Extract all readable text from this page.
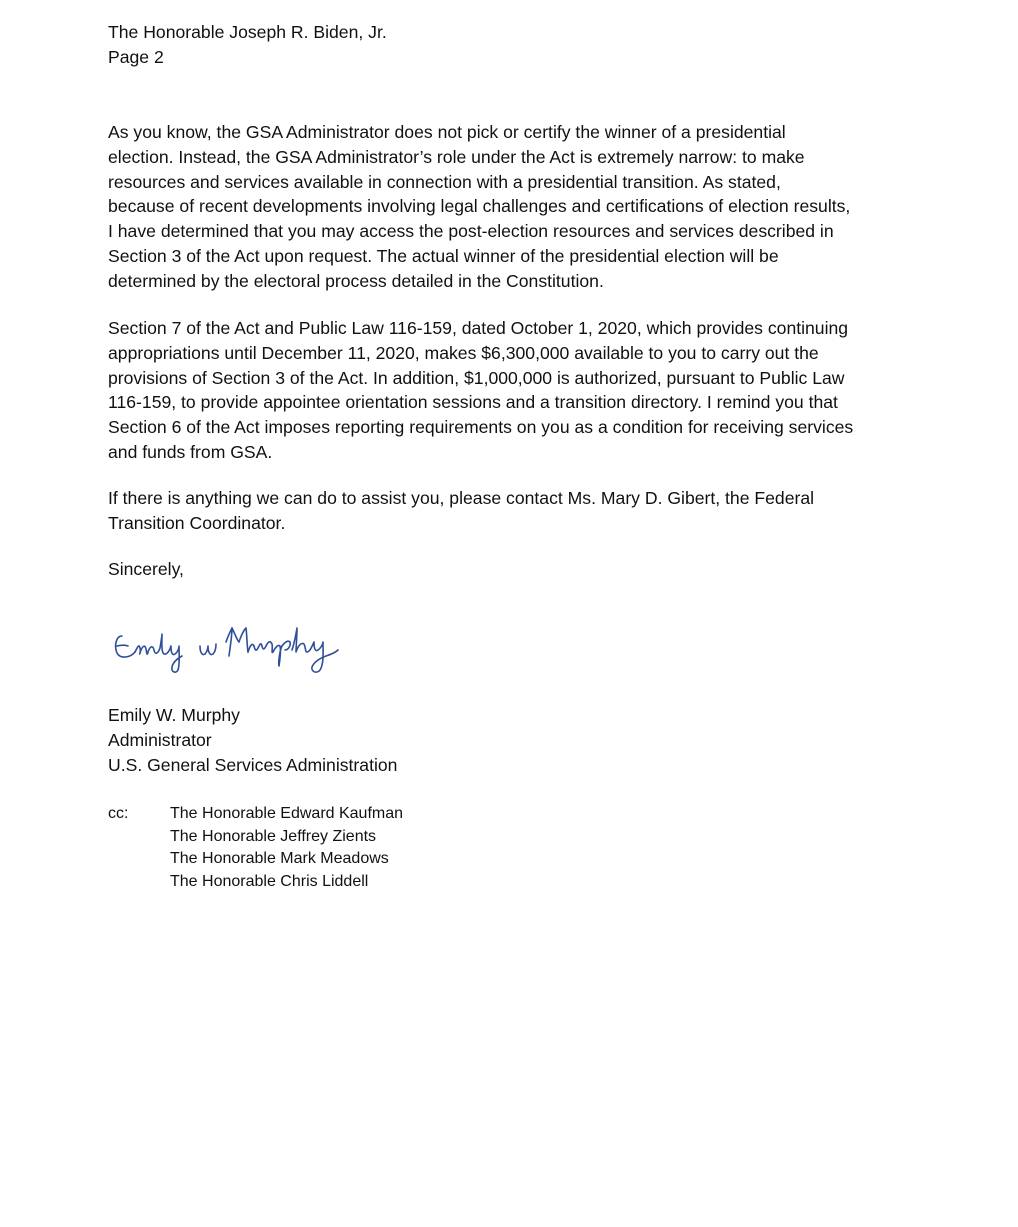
The Honorable Joseph R. Biden, Jr.

Page 2

As you know, the GSA Administrator does not pick or certify the winner of a presidential
election. Instead, the GSA Administrator’s role under the Act is extremely narrow: to make
resources and services available in connection with a presidential transition. As stated,
because of recent developments involving legal challenges and certifications of election results,
I have determined that you may access the post-election resources and services described in
Section 3 of the Act upon request. The actual winner of the presidential election will be
determined by the electoral process detailed in the Constitution.

Section 7 of the Act and Public Law 116-159, dated October 1, 2020, which provides continuing
appropriations until December 11, 2020, makes $6,300,000 available to you to carry out the
provisions of Section 3 of the Act. In addition, $1,000,000 is authorized, pursuant to Public Law
116-159, to provide appointee orientation sessions and a transition directory. I remind you that
Section 6 of the Act imposes reporting requirements on you as a condition for receiving services
and funds from GSA.

If there is anything we can do to assist you, please contact Ms. Mary D. Gibert, the Federal
Transition Coordinator.

Sincerely,

Emily W. Murphy

Administrator

U.S. General Services Administration

cc:	The Honorable Edward Kaufman
The Honorable Jeffrey Zients
The Honorable Mark Meadows
The Honorable Chris Liddell
